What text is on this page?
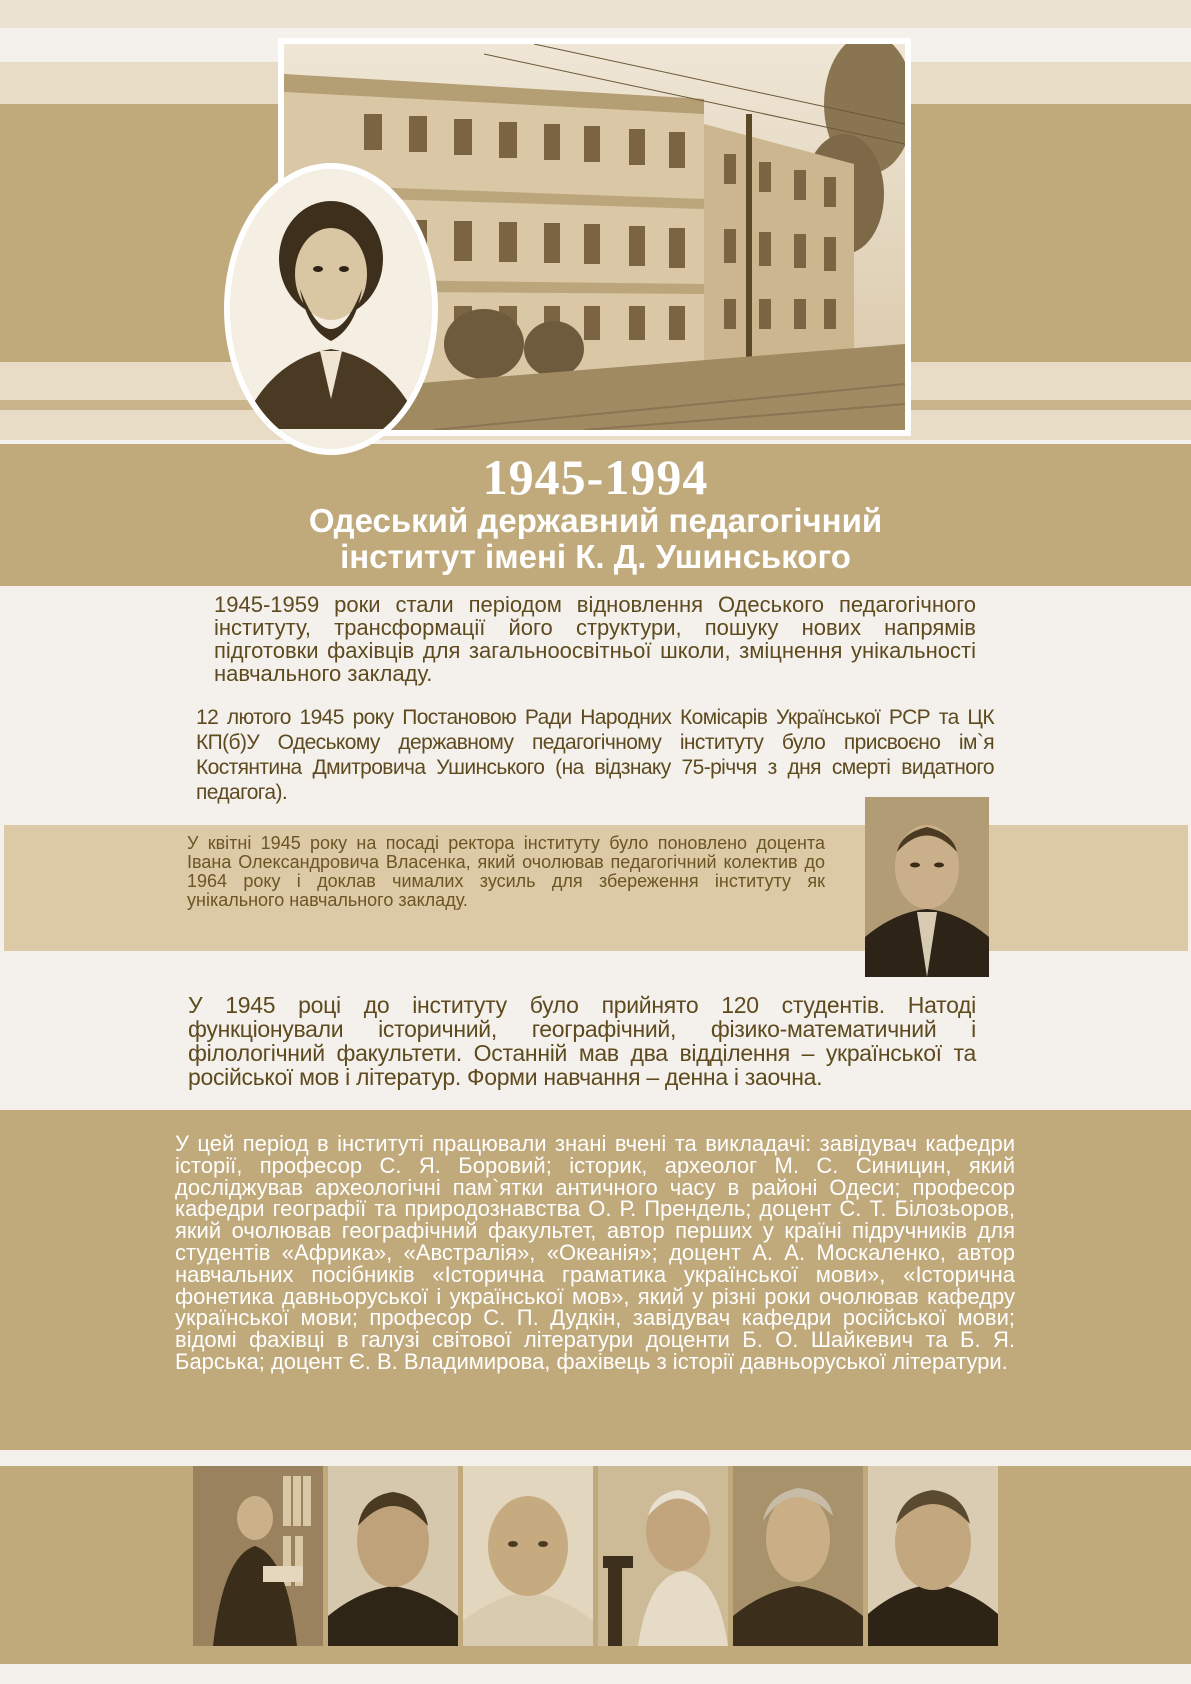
1945-1994
Одеський державний педагогічний
інститут імені К. Д. Ушинського

1945-1959 роки стали періодом відновлення Одеського педагогічного інституту, трансформації його структури, пошуку нових напрямів підготовки фахівців для загальноосвітньої школи, зміцнення унікальності навчального закладу.

12 лютого 1945 року Постановою Ради Народних Комісарів Української РСР та ЦК КП(б)У Одеському державному педагогічному інституту було присвоєно ім`я Костянтина Дмитровича Ушинського (на відзнаку 75-річчя з дня смерті видатного педагога).

У квітні 1945 року на посаді ректора інституту було поновлено доцента Івана Олександровича Власенка, який очолював педагогічний колектив до 1964 року і доклав чималих зусиль для збереження інституту як унікального навчального закладу.

У 1945 році до інституту було прийнято 120 студентів. Натоді функціонували історичний, географічний, фізико-математичний і філологічний факультети. Останній мав два відділення – української та російської мов і літератур. Форми навчання – денна і заочна.

У цей період в інституті працювали знані вчені та викладачі: завідувач кафедри історії, професор С. Я. Боровий; історик, археолог М. С. Синицин, який досліджував археологічні пам`ятки античного часу в районі Одеси; професор кафедри географії та природознавства О. Р. Прендель; доцент С. Т. Білозьоров, який очолював географічний факультет, автор перших у країні підручників для студентів «Африка», «Австралія», «Океанія»; доцент А. А. Москаленко, автор навчальних посібників «Історична граматика української мови», «Історична фонетика давньоруської і української мов», який у різні роки очолював кафедру української мови; професор С. П. Дудкін, завідувач кафедри російської мови; відомі фахівці в галузі світової літератури доценти Б. О. Шайкевич та Б. Я. Барська; доцент Є. В. Владимирова, фахівець з історії давньоруської літератури.
